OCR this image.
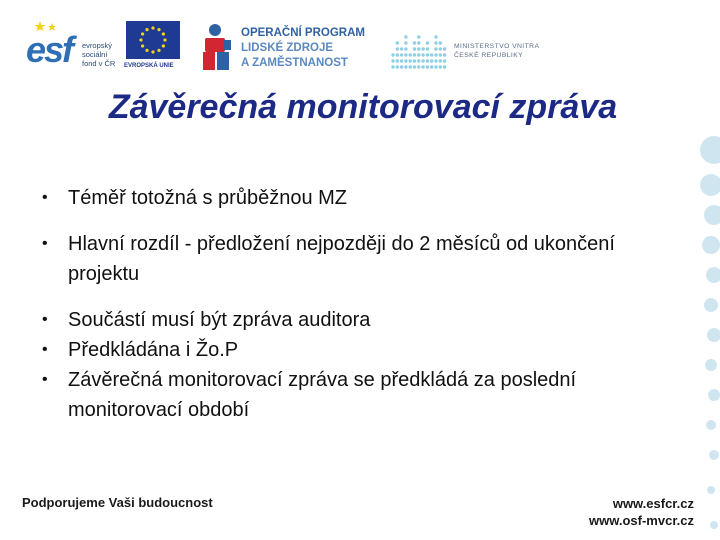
esf evropský
sociální
fond v ČR EVROPSKÁ UNIE
OPERAČNÍ PROGRAM
LIDSKÉ ZDROJE
A ZAMĚSTNANOST
MINISTERSTVO VNITRA
ČESKÉ REPUBLIKY
Závěrečná monitorovací zpráva
• Téměř totožná s průběžnou MZ
• Hlavní rozdíl - předložení nejpozději do 2 měsíců od ukončení projektu
• Součástí musí být zpráva auditora
• Předkládána i Žo.P
• Závěrečná monitorovací zpráva se předkládá za poslední monitorovací období
Podporujeme Vaši budoucnost	www.esfcr.cz
www.osf-mvcr.cz
